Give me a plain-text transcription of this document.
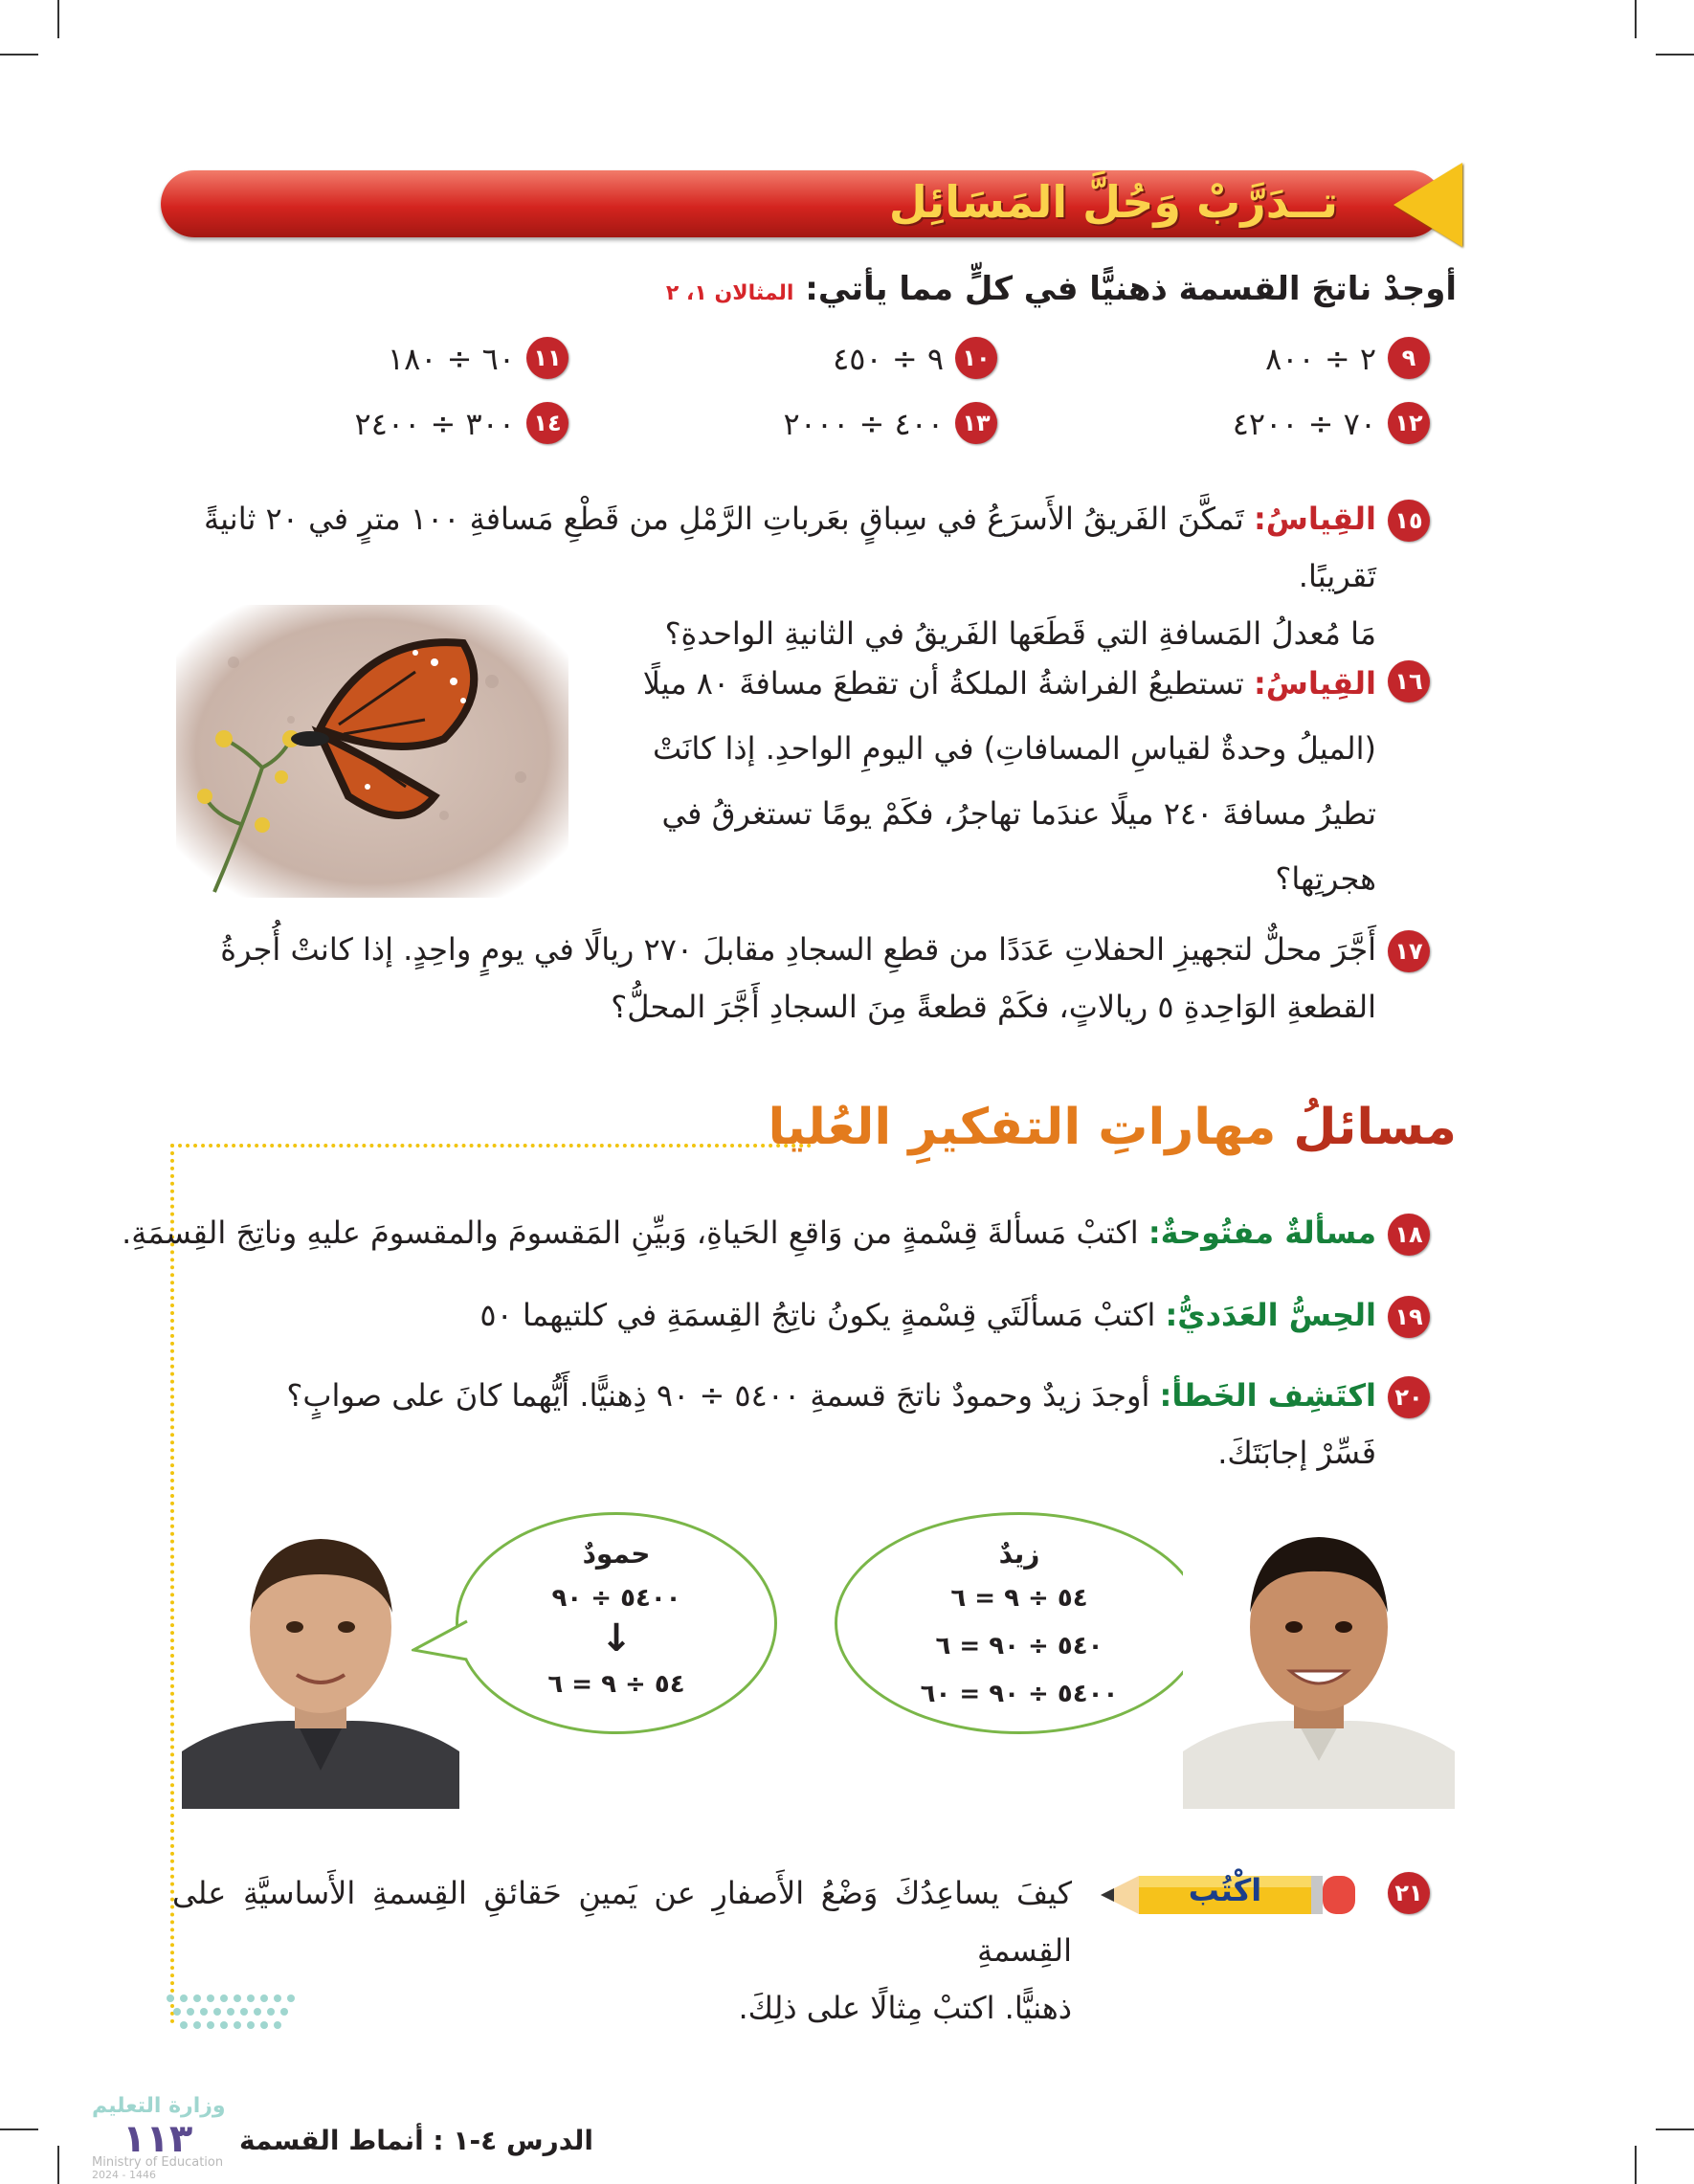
تــدَرَّبْ وَحُلَّ المَسَائِل
أوجدْ ناتجَ القسمة ذهنيًّا في كلٍّ مما يأتي: المثالان ١، ٢
٩
٢ ÷ ٨٠٠
١٠
٩ ÷ ٤٥٠
١١
٦٠ ÷ ١٨٠
١٢
٧٠ ÷ ٤٢٠٠
١٣
٤٠٠ ÷ ٢٠٠٠
١٤
٣٠٠ ÷ ٢٤٠٠
١٥
القِياسُ: تَمكَّنَ الفَريقُ الأَسرَعُ في سِباقٍ بعَرباتِ الرَّمْلِ من قَطْعِ مَسافةِ ١٠٠ مترٍ في ٢٠ ثانيةً تَقريبًا.
مَا مُعدلُ المَسافةِ التي قَطَعَها الفَريقُ في الثانيةِ الواحدةِ؟
١٦
القِياسُ: تستطيعُ الفراشةُ الملكةُ أن تقطعَ مسافةَ ٨٠ ميلًا
(الميلُ وحدةٌ لقياسِ المسافاتِ) في اليومِ الواحدِ. إذا كانَتْ
تطيرُ مسافةَ ٢٤٠ ميلًا عندَما تهاجرُ، فكَمْ يومًا تستغرقُ في
هجرتِها؟
١٧
أَجَّرَ محلٌّ لتجهيزِ الحفلاتِ عَدَدًا من قطعِ السجادِ مقابلَ ٢٧٠ ريالًا في يومٍ واحِدٍ. إذا كانتْ أُجرةُ
القطعةِ الوَاحِدةِ ٥ ريالاتٍ، فكَمْ قطعةً مِنَ السجادِ أَجَّرَ المحلُّ؟
مسائلُ مهاراتِ التفكيرِ العُليا
١٨
مسألةٌ مفتُوحةٌ: اكتبْ مَسألةَ قِسْمةٍ من وَاقعِ الحَياةِ، وَبيِّنِ المَقسومَ والمقسومَ عليهِ وناتِجَ القِسمَةِ.
١٩
الحِسُّ العَدَديُّ: اكتبْ مَسألَتَي قِسْمةٍ يكونُ ناتِجُ القِسمَةِ في كلتيهما ٥٠
٢٠
اكتَشِف الخَطأ: أوجدَ زيدٌ وحمودٌ ناتجَ قسمةِ ٥٤٠٠ ÷ ٩٠ ذِهنيًّا. أَيُّهما كانَ على صوابٍ؟
فَسِّرْ إجابَتَكَ.
حمودٌ
٥٤٠٠ ÷ ٩٠
↓
٥٤ ÷ ٩ = ٦
زيدٌ
٥٤ ÷ ٩ = ٦
٥٤٠ ÷ ٩٠ = ٦
٥٤٠٠ ÷ ٩٠ = ٦٠
٢١
اكْتُب
كيفَ يساعِدُكَ وَضْعُ الأَصفارِ عن يَمينِ حَقائقِ القِسمةِ الأَساسيَّةِ على القِسمةِ
ذهنيًّا. اكتبْ مِثالًا على ذلِكَ.
وزارة التعليم
١١٣
Ministry of Education
2024 - 1446
الدرس ٤-١ : أنماط القسمة
